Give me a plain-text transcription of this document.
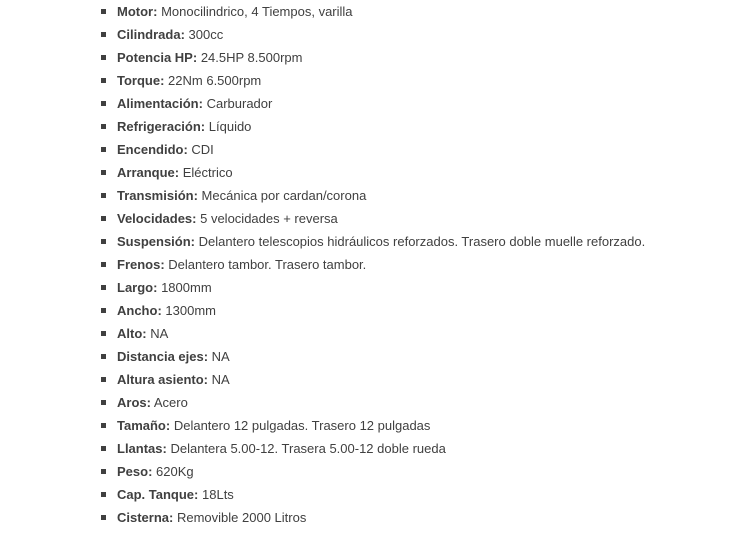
Motor: Monocilindrico, 4 Tiempos, varilla
Cilindrada: 300cc
Potencia HP: 24.5HP 8.500rpm
Torque: 22Nm 6.500rpm
Alimentación: Carburador
Refrigeración: Líquido
Encendido: CDI
Arranque: Eléctrico
Transmisión: Mecánica por cardan/corona
Velocidades: 5 velocidades + reversa
Suspensión: Delantero telescopios hidráulicos reforzados. Trasero doble muelle reforzado.
Frenos: Delantero tambor. Trasero tambor.
Largo: 1800mm
Ancho: 1300mm
Alto: NA
Distancia ejes: NA
Altura asiento: NA
Aros: Acero
Tamaño: Delantero 12 pulgadas. Trasero 12 pulgadas
Llantas: Delantera 5.00-12. Trasera 5.00-12 doble rueda
Peso: 620Kg
Cap. Tanque: 18Lts
Cisterna: Removible 2000 Litros
